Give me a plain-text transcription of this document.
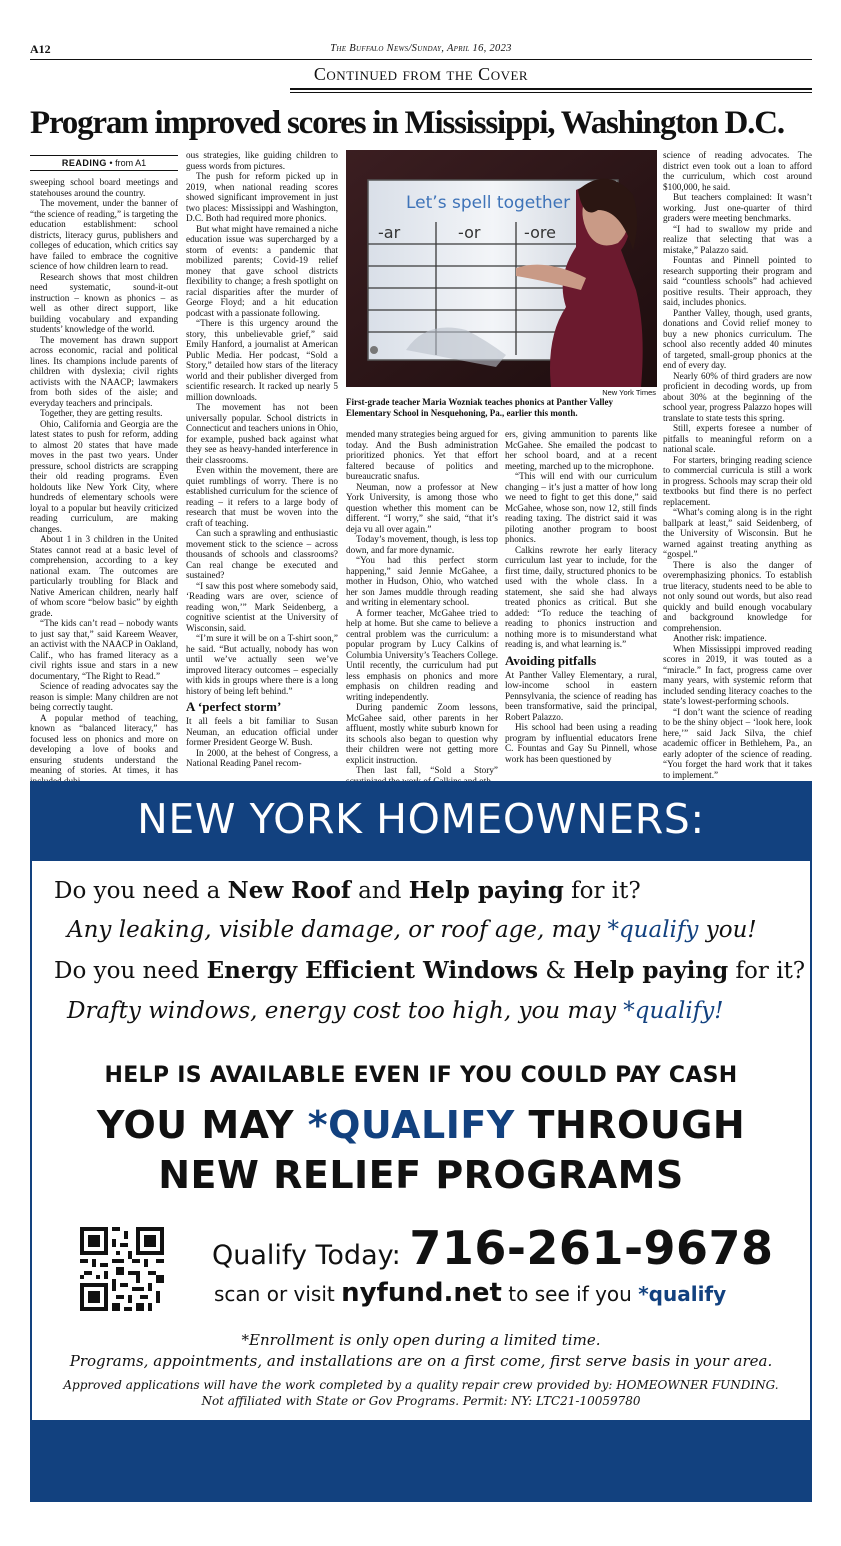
A12	The Buffalo News/Sunday, April 16, 2023
Continued from the Cover
Program improved scores in Mississippi, Washington D.C.
READING • from A1

sweeping school board meetings and statehouses around the country.

The movement, under the banner of “the science of reading,” is targeting the education establishment: school districts, literacy gurus, publishers and colleges of education, which critics say have failed to embrace the cognitive science of how children learn to read.

Research shows that most children need systematic, sound-it-out instruction – known as phonics – as well as other direct support, like building vocabulary and expanding students’ knowledge of the world.

The movement has drawn support across economic, racial and political lines. Its champions include parents of children with dyslexia; civil rights activists with the NAACP; lawmakers from both sides of the aisle; and everyday teachers and principals.

Together, they are getting results.

Ohio, California and Georgia are the latest states to push for reform, adding to almost 20 states that have made moves in the past two years. Under pressure, school districts are scrapping their old reading programs. Even holdouts like New York City, where hundreds of elementary schools were loyal to a popular but heavily criticized reading curriculum, are making changes.

About 1 in 3 children in the United States cannot read at a basic level of comprehension, according to a key national exam. The outcomes are particularly troubling for Black and Native American children, nearly half of whom score “below basic” by eighth grade.

“The kids can’t read – nobody wants to just say that,” said Kareem Weaver, an activist with the NAACP in Oakland, Calif., who has framed literacy as a civil rights issue and stars in a new documentary, “The Right to Read.”

Science of reading advocates say the reason is simple: Many children are not being correctly taught.

A popular method of teaching, known as “balanced literacy,” has focused less on phonics and more on developing a love of books and ensuring students understand the meaning of stories. At times, it has

ous strategies, like guiding children to guess words from pictures.

The push for reform picked up in 2019, when national reading scores showed significant improvement in just two places: Mississippi and Washington, D.C. Both had required more phonics.

But what might have remained a niche education issue was supercharged by a storm of events: a pandemic that mobilized parents; Covid-19 relief money that gave school districts flexibility to change; a fresh spotlight on racial disparities after the murder of George Floyd; and a hit education podcast with a passionate following.

“There is this urgency around the story, this unbelievable grief,” said Emily Hanford, a journalist at American Public Media. Her podcast, “Sold a Story,” detailed how stars of the literacy world and their publisher diverged from scientific research. It racked up nearly 5 million downloads.

The movement has not been universally popular. School districts in Connecticut and teachers unions in Ohio, for example, pushed back against what they see as heavy-handed interference in their classrooms.

Even within the movement, there are quiet rumblings of worry. There is no established curriculum for the science of reading – it refers to a large body of research that must be woven into the craft of teaching.

Can such a sprawling and enthusiastic movement stick to the science – across thousands of schools and classrooms? Can real change be executed and sustained?

“I saw this post where somebody said, ‘Reading wars are over, science of reading won,’” Mark Seidenberg, a cognitive scientist at the University of Wisconsin, said.

“I’m sure it will be on a T-shirt soon,” he said. “But actually, nobody has won until we’ve actually seen we’ve improved literacy outcomes – especially with kids in groups where there is a long history of being left behind.”

A ‘perfect storm’

It all feels a bit familiar to Susan Neuman, an education official under former President George W. Bush.

In 2000, at the behest of Congress, a National Reading Panel recom-

Let’s spell together
-ar	-or	-ore
New York Times
First-grade teacher Maria Wozniak teaches phonics at Panther Valley Elementary School in Nesquehoning, Pa., earlier this month.

mended many strategies being argued for today. And the Bush administration prioritized phonics. Yet that effort faltered because of politics and bureaucratic snafus.

Neuman, now a professor at New York University, is among those who question whether this moment can be different. “I worry,” she said, “that it’s deja vu all over again.”

Today’s movement, though, is less top down, and far more dynamic.

“You had this perfect storm happening,” said Jennie McGahee, a mother in Hudson, Ohio, who watched her son James muddle through reading and writing in elementary school.

A former teacher, McGahee tried to help at home. But she came to believe a central problem was the curriculum: a popular program by Lucy Calkins of Columbia University’s Teachers College. Until recently, the curriculum had put less emphasis on phonics and more emphasis on children reading and writing independently.

During pandemic Zoom lessons, McGahee said, other parents in her affluent, mostly white suburb known for its schools also began to question why their children were not getting more explicit instruction.

Then last fall, “Sold a Story”

ers, giving ammunition to parents like McGahee. She emailed the podcast to her school board, and at a recent meeting, marched up to the microphone.

“This will end with our curriculum changing – it’s just a matter of how long we need to fight to get this done,” said McGahee, whose son, now 12, still finds reading taxing. The district said it was piloting another program to boost phonics.

Calkins rewrote her early literacy curriculum last year to include, for the first time, daily, structured phonics to be used with the whole class. In a statement, she said she had always treated phonics as critical. But she added: “To reduce the teaching of reading to phonics instruction and nothing more is to misunderstand what reading is, and what learning is.”

Avoiding pitfalls

At Panther Valley Elementary, a rural, low-income school in eastern Pennsylvania, the science of reading has been transformative, said the principal, Robert Palazzo.

His school had been using a reading program by influential educators Irene C. Fountas and Gay Su Pinnell, whose work has been questioned by

science of reading advocates. The district even took out a loan to afford the curriculum, which cost around $100,000, he said.

But teachers complained: It wasn’t working. Just one-quarter of third graders were meeting benchmarks.

“I had to swallow my pride and realize that selecting that was a mistake,” Palazzo said.

Fountas and Pinnell pointed to research supporting their program and said “countless schools” had achieved positive results. Their approach, they said, includes phonics.

Panther Valley, though, used grants, donations and Covid relief money to buy a new phonics curriculum. The school also recently added 40 minutes of targeted, small-group phonics at the end of every day.

Nearly 60% of third graders are now proficient in decoding words, up from about 30% at the beginning of the school year, progress Palazzo hopes will translate to state tests this spring.

Still, experts foresee a number of pitfalls to meaningful reform on a national scale.

For starters, bringing reading science to commercial curricula is still a work in progress. Schools may scrap their old textbooks but find there is no perfect replacement.

“What’s coming along is in the right ballpark at least,” said Seidenberg, of the University of Wisconsin. But he warned against treating anything as “gospel.”

There is also the danger of overemphasizing phonics. To establish true literacy, students need to be able to not only sound out words, but also read quickly and build enough vocabulary and background knowledge for comprehension.

Another risk: impatience.

When Mississippi improved reading scores in 2019, it was touted as a “miracle.” In fact, progress came over many years, with systemic reform that included sending literacy coaches to the state’s lowest-performing schools.

“I don’t want the science of reading to be the shiny object – ‘look here, look here,’” said Jack Silva, the chief academic officer in Bethlehem, Pa., an early adopter of the science of reading. “You forget the hard work that it takes to implement.”

NEW YORK HOMEOWNERS:
Do you need a New Roof and Help paying for it?
Any leaking, visible damage, or roof age, may *qualify you!
Do you need Energy Efficient Windows & Help paying for it?
Drafty windows, energy cost too high, you may *qualify!
HELP IS AVAILABLE EVEN IF YOU COULD PAY CASH
YOU MAY *QUALIFY THROUGH
NEW RELIEF PROGRAMS
Qualify Today: 716-261-9678
scan or visit nyfund.net to see if you *qualify
*Enrollment is only open during a limited time.
Programs, appointments, and installations are on a first come, first serve basis in your area.
Approved applications will have the work completed by a quality repair crew provided by: HOMEOWNER FUNDING.
Not affiliated with State or Gov Programs. Permit: NY: LTC21-10059780
